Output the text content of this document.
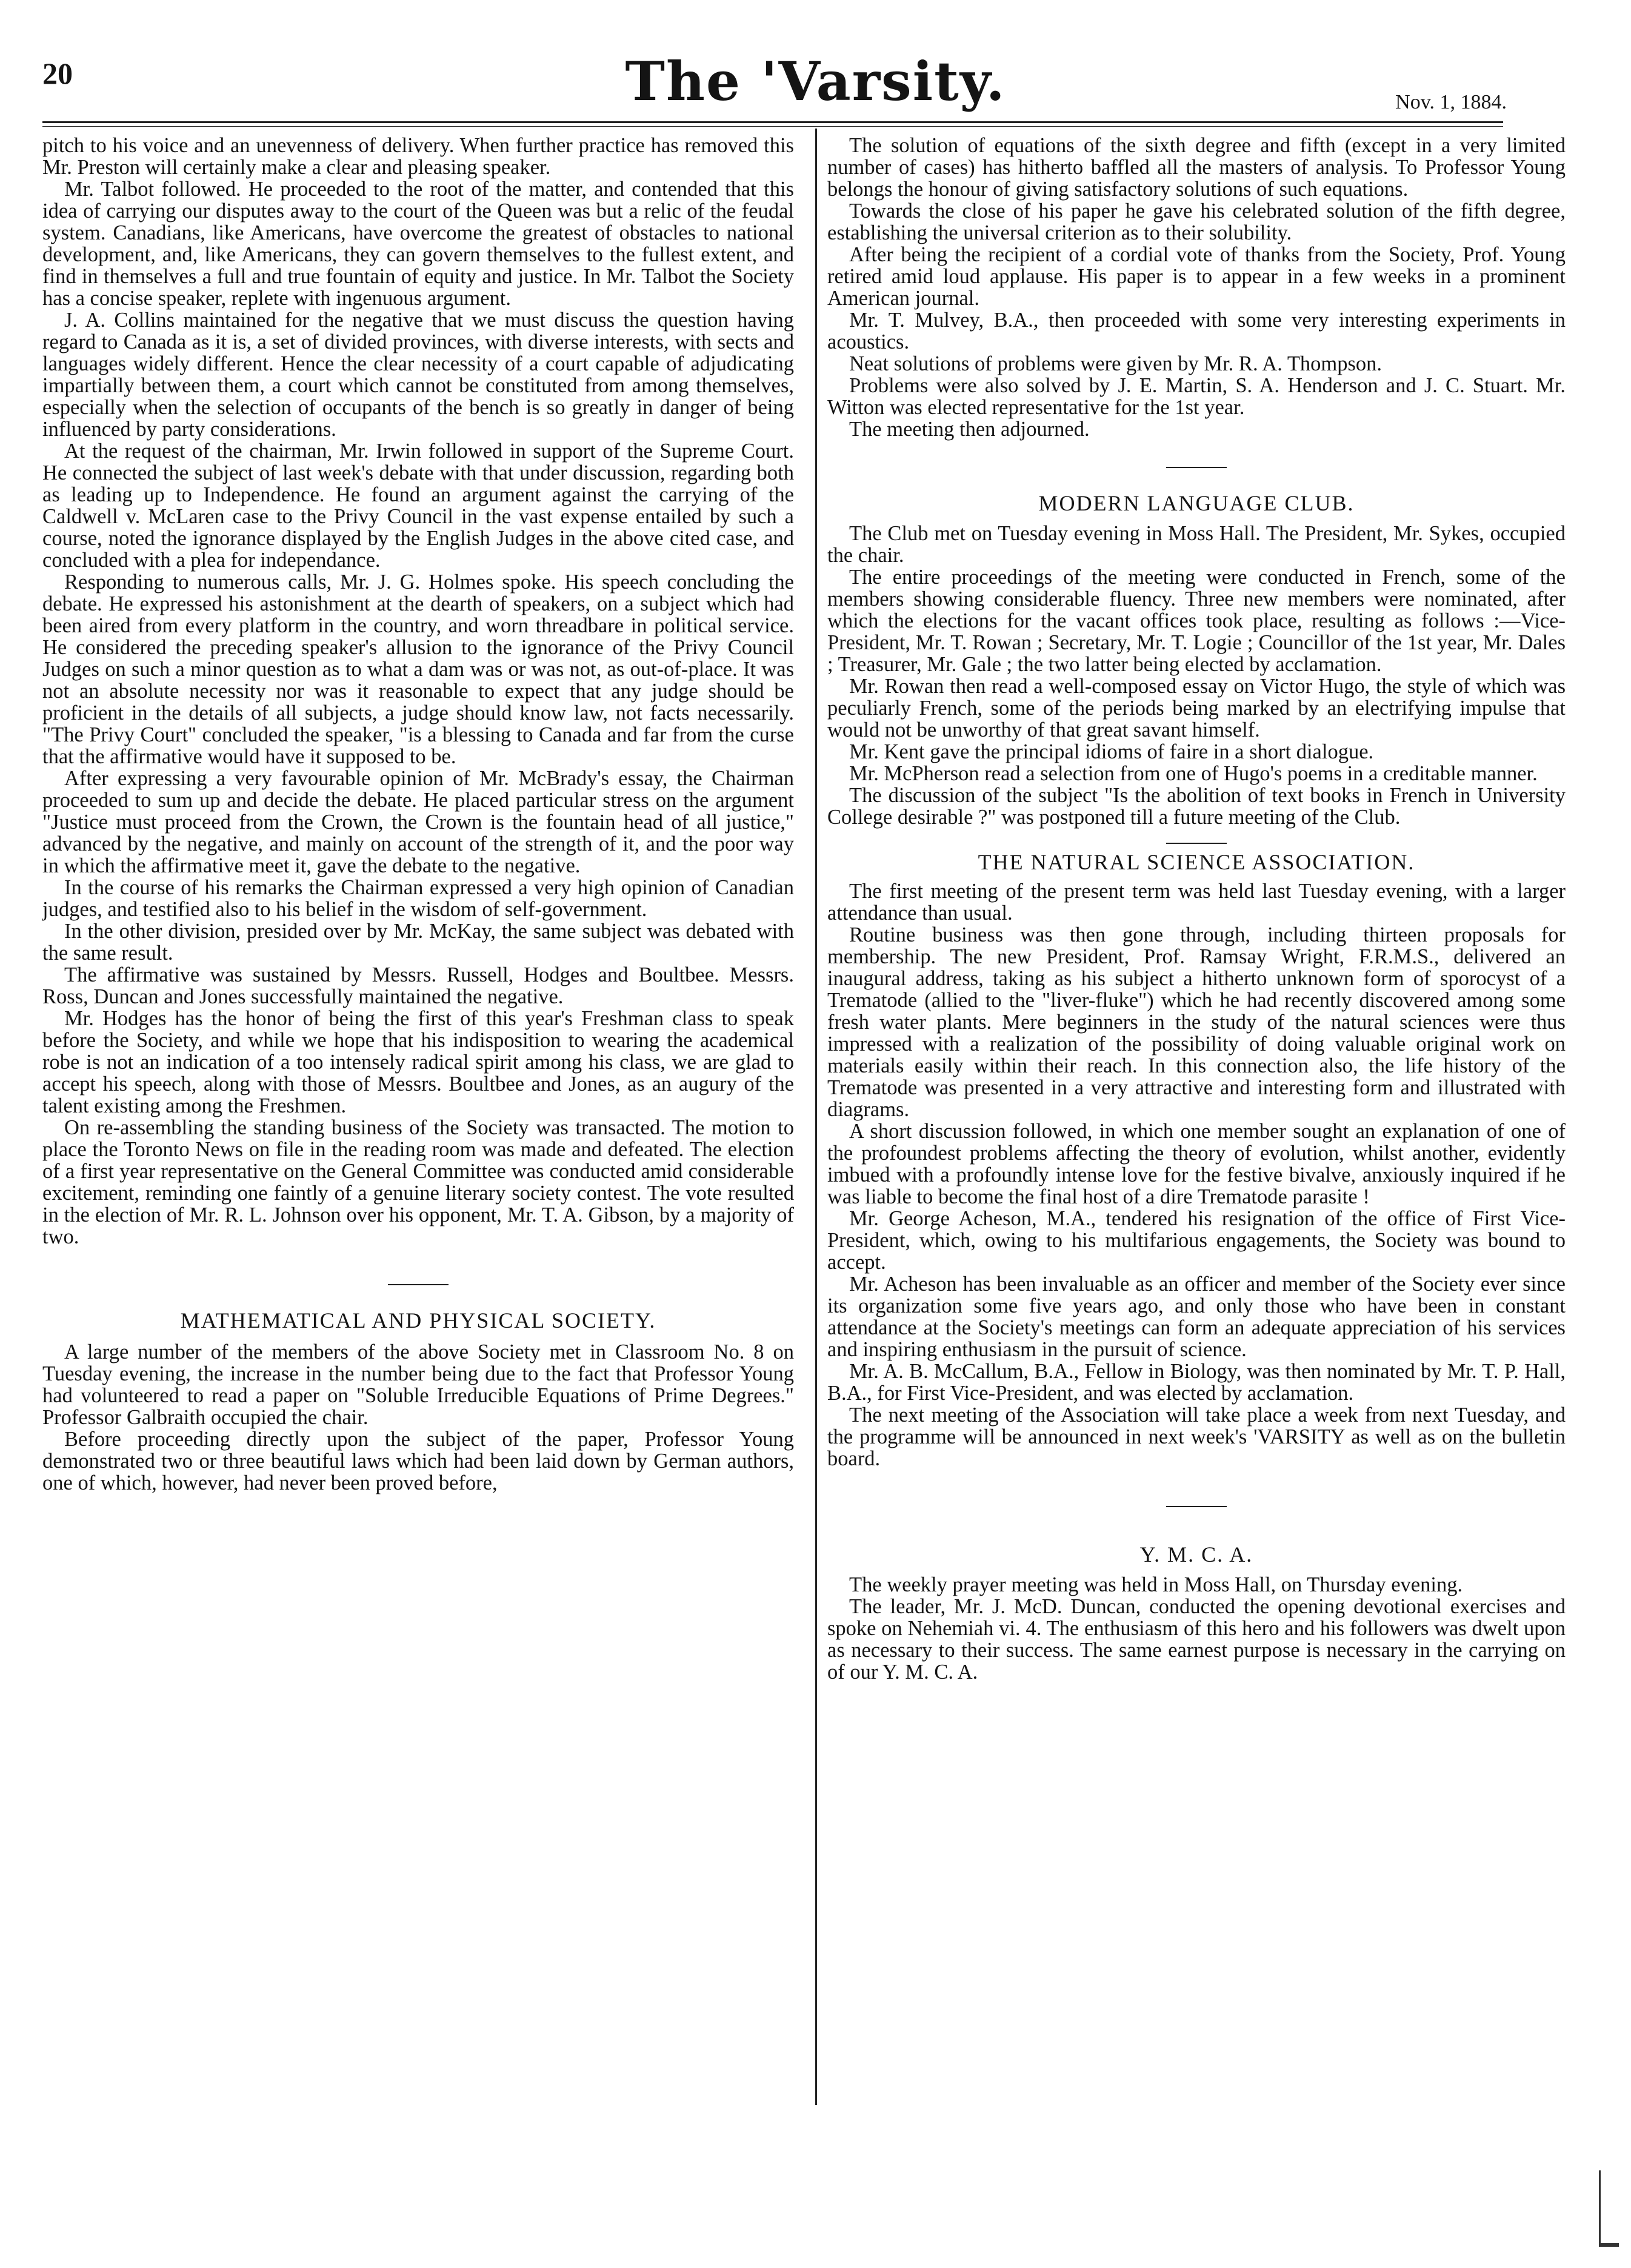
20	The 'Varsity.	Nov. 1, 1884.

pitch to his voice and an unevenness of delivery. When further practice has removed this Mr. Preston will certainly make a clear and pleasing speaker.

Mr. Talbot followed. He proceeded to the root of the matter, and contended that this idea of carrying our disputes away to the court of the Queen was but a relic of the feudal system. Canadians, like Americans, have overcome the greatest of obstacles to national development, and, like Americans, they can govern themselves to the fullest extent, and find in themselves a full and true fountain of equity and justice. In Mr. Talbot the Society has a concise speaker, replete with ingenuous argument.

J. A. Collins maintained for the negative that we must discuss the question having regard to Canada as it is, a set of divided provinces, with diverse interests, with sects and languages widely different. Hence the clear necessity of a court capable of adjudicating impartially between them, a court which cannot be constituted from among themselves, especially when the selection of occupants of the bench is so greatly in danger of being influenced by party considerations.

At the request of the chairman, Mr. Irwin followed in support of the Supreme Court. He connected the subject of last week's debate with that under discussion, regarding both as leading up to Independence. He found an argument against the carrying of the Caldwell v. McLaren case to the Privy Council in the vast expense entailed by such a course, noted the ignorance displayed by the English Judges in the above cited case, and concluded with a plea for independance.

Responding to numerous calls, Mr. J. G. Holmes spoke. His speech concluding the debate. He expressed his astonishment at the dearth of speakers, on a subject which had been aired from every platform in the country, and worn threadbare in political service. He considered the preceding speaker's allusion to the ignorance of the Privy Council Judges on such a minor question as to what a dam was or was not, as out-of-place. It was not an absolute necessity nor was it reasonable to expect that any judge should be proficient in the details of all subjects, a judge should know law, not facts necessarily. "The Privy Court" concluded the speaker, "is a blessing to Canada and far from the curse that the affirmative would have it supposed to be.

After expressing a very favourable opinion of Mr. McBrady's essay, the Chairman proceeded to sum up and decide the debate. He placed particular stress on the argument "Justice must proceed from the Crown, the Crown is the fountain head of all justice," advanced by the negative, and mainly on account of the strength of it, and the poor way in which the affirmative meet it, gave the debate to the negative.

In the course of his remarks the Chairman expressed a very high opinion of Canadian judges, and testified also to his belief in the wisdom of self-government.

In the other division, presided over by Mr. McKay, the same subject was debated with the same result.

The affirmative was sustained by Messrs. Russell, Hodges and Boultbee. Messrs. Ross, Duncan and Jones successfully maintained the negative.

Mr. Hodges has the honor of being the first of this year's Freshman class to speak before the Society, and while we hope that his indisposition to wearing the academical robe is not an indication of a too intensely radical spirit among his class, we are glad to accept his speech, along with those of Messrs. Boultbee and Jones, as an augury of the talent existing among the Freshmen.

On re-assembling the standing business of the Society was transacted. The motion to place the Toronto News on file in the reading room was made and defeated. The election of a first year representative on the General Committee was conducted amid considerable excitement, reminding one faintly of a genuine literary society contest. The vote resulted in the election of Mr. R. L. Johnson over his opponent, Mr. T. A. Gibson, by a majority of two.

MATHEMATICAL AND PHYSICAL SOCIETY.

A large number of the members of the above Society met in Classroom No. 8 on Tuesday evening, the increase in the number being due to the fact that Professor Young had volunteered to read a paper on "Soluble Irreducible Equations of Prime Degrees." Professor Galbraith occupied the chair.

Before proceeding directly upon the subject of the paper, Professor Young demonstrated two or three beautiful laws which had been laid down by German authors, one of which, however, had never been proved before,

The solution of equations of the sixth degree and fifth (except in a very limited number of cases) has hitherto baffled all the masters of analysis. To Professor Young belongs the honour of giving satisfactory solutions of such equations.

Towards the close of his paper he gave his celebrated solution of the fifth degree, establishing the universal criterion as to their solubility.

After being the recipient of a cordial vote of thanks from the Society, Prof. Young retired amid loud applause. His paper is to appear in a few weeks in a prominent American journal.

Mr. T. Mulvey, B.A., then proceeded with some very interesting experiments in acoustics.

Neat solutions of problems were given by Mr. R. A. Thompson.

Problems were also solved by J. E. Martin, S. A. Henderson and J. C. Stuart. Mr. Witton was elected representative for the 1st year.

The meeting then adjourned.

MODERN LANGUAGE CLUB.

The Club met on Tuesday evening in Moss Hall. The President, Mr. Sykes, occupied the chair.

The entire proceedings of the meeting were conducted in French, some of the members showing considerable fluency. Three new members were nominated, after which the elections for the vacant offices took place, resulting as follows :—Vice-President, Mr. T. Rowan ; Secretary, Mr. T. Logie ; Councillor of the 1st year, Mr. Dales ; Treasurer, Mr. Gale ; the two latter being elected by acclamation.

Mr. Rowan then read a well-composed essay on Victor Hugo, the style of which was peculiarly French, some of the periods being marked by an electrifying impulse that would not be unworthy of that great savant himself.

Mr. Kent gave the principal idioms of faire in a short dialogue.

Mr. McPherson read a selection from one of Hugo's poems in a creditable manner.

The discussion of the subject "Is the abolition of text books in French in University College desirable ?" was postponed till a future meeting of the Club.

THE NATURAL SCIENCE ASSOCIATION.

The first meeting of the present term was held last Tuesday evening, with a larger attendance than usual.

Routine business was then gone through, including thirteen proposals for membership. The new President, Prof. Ramsay Wright, F.R.M.S., delivered an inaugural address, taking as his subject a hitherto unknown form of sporocyst of a Trematode (allied to the "liver-fluke") which he had recently discovered among some fresh water plants. Mere beginners in the study of the natural sciences were thus impressed with a realization of the possibility of doing valuable original work on materials easily within their reach. In this connection also, the life history of the Trematode was presented in a very attractive and interesting form and illustrated with diagrams.

A short discussion followed, in which one member sought an explanation of one of the profoundest problems affecting the theory of evolution, whilst another, evidently imbued with a profoundly intense love for the festive bivalve, anxiously inquired if he was liable to become the final host of a dire Trematode parasite !

Mr. George Acheson, M.A., tendered his resignation of the office of First Vice-President, which, owing to his multifarious engagements, the Society was bound to accept.

Mr. Acheson has been invaluable as an officer and member of the Society ever since its organization some five years ago, and only those who have been in constant attendance at the Society's meetings can form an adequate appreciation of his services and inspiring enthusiasm in the pursuit of science.

Mr. A. B. McCallum, B.A., Fellow in Biology, was then nominated by Mr. T. P. Hall, B.A., for First Vice-President, and was elected by acclamation.

The next meeting of the Association will take place a week from next Tuesday, and the programme will be announced in next week's 'VARSITY as well as on the bulletin board.

Y. M. C. A.

The weekly prayer meeting was held in Moss Hall, on Thursday evening.

The leader, Mr. J. McD. Duncan, conducted the opening devotional exercises and spoke on Nehemiah vi. 4. The enthusiasm of this hero and his followers was dwelt upon as necessary to their success. The same earnest purpose is necessary in the carrying on of our Y. M. C. A.
